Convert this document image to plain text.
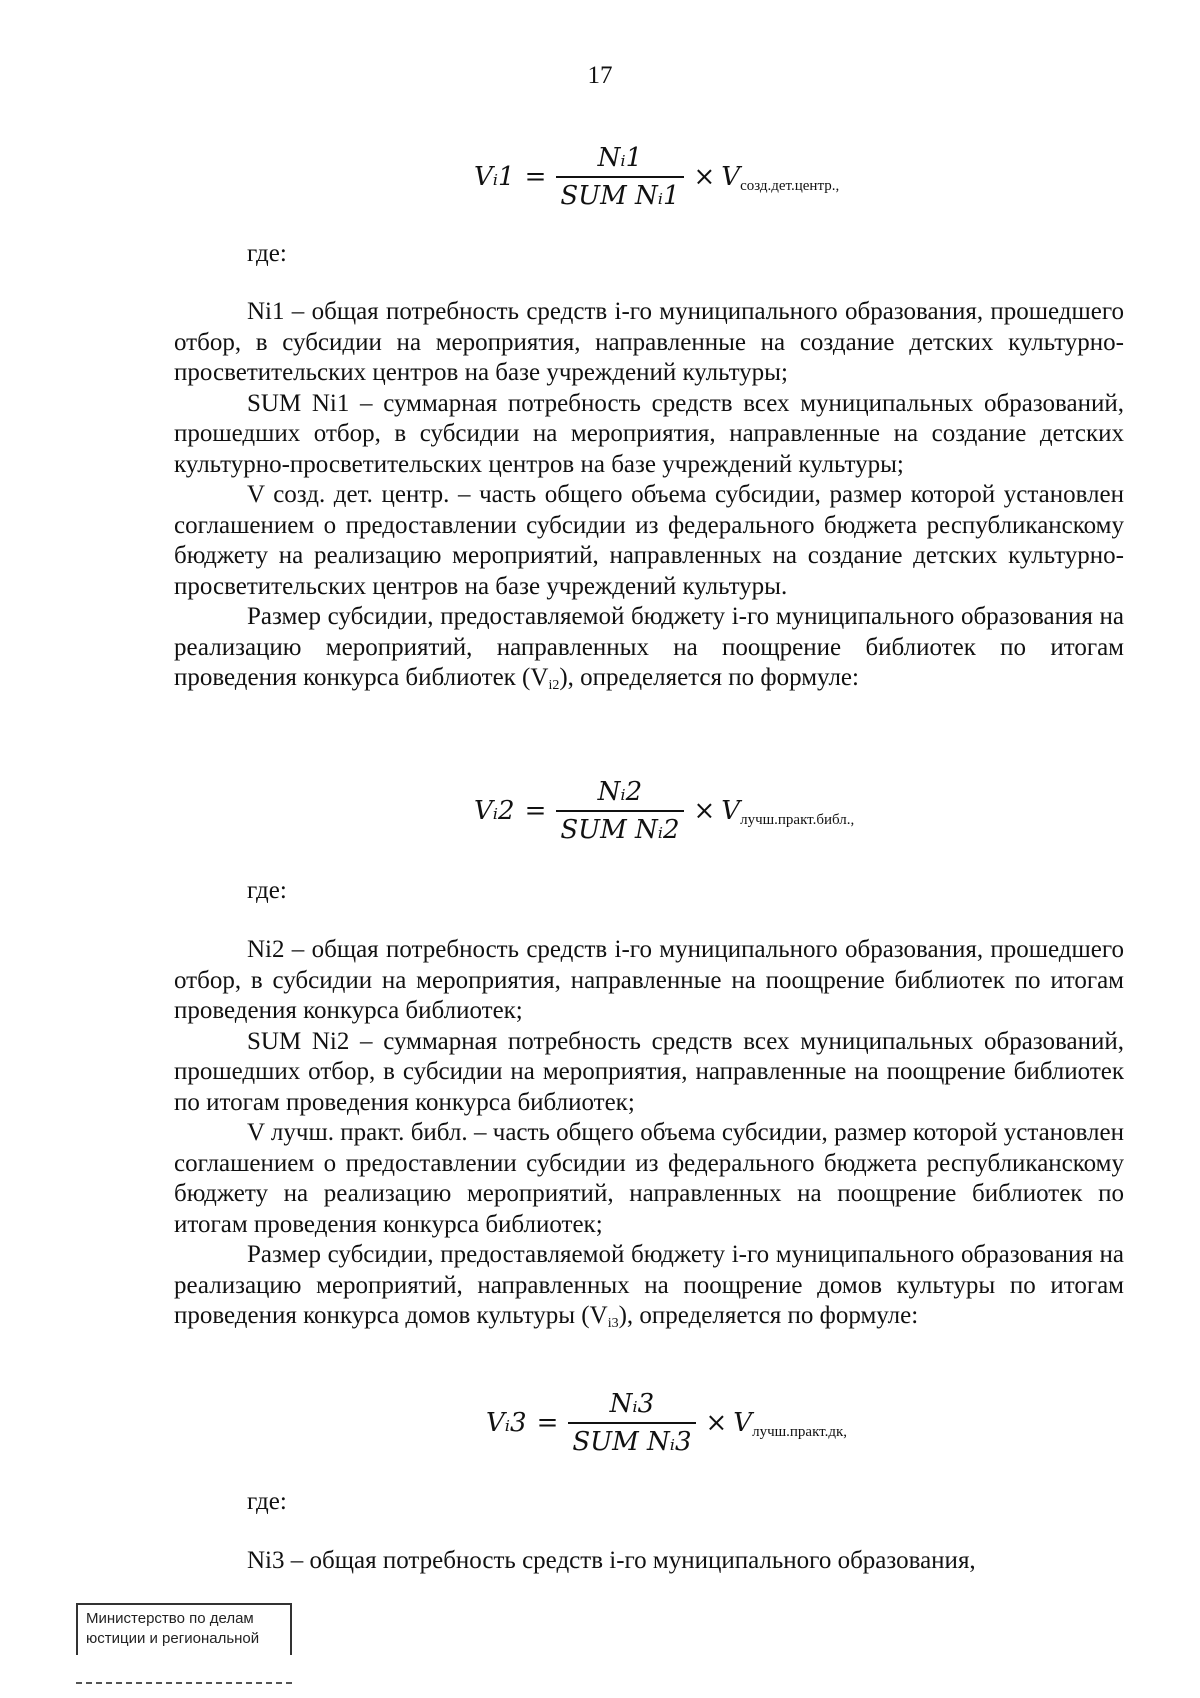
17
Vᵢ1 = $\frac{\text{Nᵢ1}}{\text{SUM Nᵢ1}} \times V$ созд.дет.центр.,
где:

Ni1 – общая потребность средств i-го муниципального образования, прошедшего отбор, в субсидии на мероприятия, направленные на создание детских культурно-просветительских центров на базе учреждений культуры;

SUM Ni1 – суммарная потребность средств всех муниципальных образований, прошедших отбор, в субсидии на мероприятия, направленные на создание детских культурно-просветительских центров на базе учреждений культуры;

V созд. дет. центр. – часть общего объема субсидии, размер которой установлен соглашением о предоставлении субсидии из федерального бюджета республиканскому бюджету на реализацию мероприятий, направленных на создание детских культурно-просветительских центров на базе учреждений культуры.

Размер субсидии, предоставляемой бюджету i-го муниципального образования на реализацию мероприятий, направленных на поощрение библиотек по итогам проведения конкурса библиотек (Vi2), определяется по формуле:

Vᵢ2 = $\frac{\text{Nᵢ2}}{\text{SUM Nᵢ2}} \times V$ лучш.практ.библ.,
где:

Ni2 – общая потребность средств i-го муниципального образования, прошедшего отбор, в субсидии на мероприятия, направленные на поощрение библиотек по итогам проведения конкурса библиотек;

SUM Ni2 – суммарная потребность средств всех муниципальных образований, прошедших отбор, в субсидии на мероприятия, направленные на поощрение библиотек по итогам проведения конкурса библиотек;

V лучш. практ. библ. – часть общего объема субсидии, размер которой установлен соглашением о предоставлении субсидии из федерального бюджета республиканскому бюджету на реализацию мероприятий, направленных на поощрение библиотек по итогам проведения конкурса библиотек;

Размер субсидии, предоставляемой бюджету i-го муниципального образования на реализацию мероприятий, направленных на поощрение домов культуры по итогам проведения конкурса домов культуры (Vi3), определяется по формуле:

Vᵢ3 = $\frac{\text{Nᵢ3}}{\text{SUM Nᵢ3}} \times V$ лучш.практ.дк,
где:

Ni3 – общая потребность средств i-го муниципального образования,

Министерство по делам
юстиции и региональной
